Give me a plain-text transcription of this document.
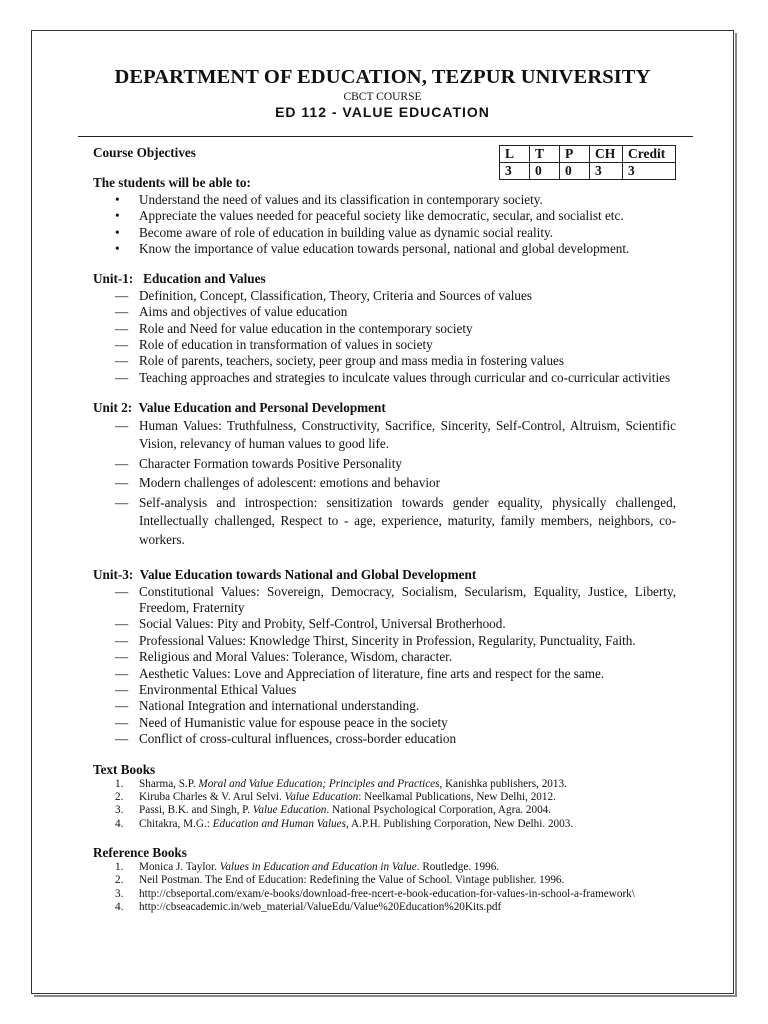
DEPARTMENT OF EDUCATION, TEZPUR UNIVERSITY
CBCT COURSE
ED 112 - VALUE EDUCATION
L	T	P	CH	Credit
3	0	0	3	3
Course Objectives
The students will be able to:
• Understand the need of values and its classification in contemporary society.
• Appreciate the values needed for peaceful society like democratic, secular, and socialist etc.
• Become aware of role of education in building value as dynamic social reality.
• Know the importance of value education towards personal, national and global development.
Unit-1:   Education and Values
— Definition, Concept, Classification, Theory, Criteria and Sources of values
— Aims and objectives of value education
— Role and Need for value education in the contemporary society
— Role of education in transformation of values in society
— Role of parents, teachers, society, peer group and mass media in fostering values
— Teaching approaches and strategies to inculcate values through curricular and co-curricular activities
Unit 2:  Value Education and Personal Development
— Human Values: Truthfulness, Constructivity, Sacrifice, Sincerity, Self-Control, Altruism, Scientific Vision, relevancy of human values to good life.
— Character Formation towards Positive Personality
— Modern challenges of adolescent: emotions and behavior
— Self-analysis and introspection: sensitization towards gender equality, physically challenged, Intellectually challenged, Respect to - age, experience, maturity, family members, neighbors, co-workers.
Unit-3:  Value Education towards National and Global Development
— Constitutional Values: Sovereign, Democracy, Socialism, Secularism, Equality, Justice, Liberty, Freedom, Fraternity
— Social Values: Pity and Probity, Self-Control, Universal Brotherhood.
— Professional Values: Knowledge Thirst, Sincerity in Profession, Regularity, Punctuality, Faith.
— Religious and Moral Values: Tolerance, Wisdom, character.
— Aesthetic Values: Love and Appreciation of literature, fine arts and respect for the same.
— Environmental Ethical Values
— National Integration and international understanding.
— Need of Humanistic value for espouse peace in the society
— Conflict of cross-cultural influences, cross-border education
Text Books
1. Sharma, S.P. Moral and Value Education; Principles and Practices, Kanishka publishers, 2013.
2. Kiruba Charles & V. Arul Selvi. Value Education: Neelkamal Publications, New Delhi, 2012.
3. Passi, B.K. and Singh, P. Value Education. National Psychological Corporation, Agra. 2004.
4. Chitakra, M.G.: Education and Human Values, A.P.H. Publishing Corporation, New Delhi. 2003.
Reference Books
1. Monica J. Taylor. Values in Education and Education in Value. Routledge. 1996.
2. Neil Postman. The End of Education: Redefining the Value of School. Vintage publisher. 1996.
3. http://cbseportal.com/exam/e-books/download-free-ncert-e-book-education-for-values-in-school-a-framework\
4. http://cbseacademic.in/web_material/ValueEdu/Value%20Education%20Kits.pdf
